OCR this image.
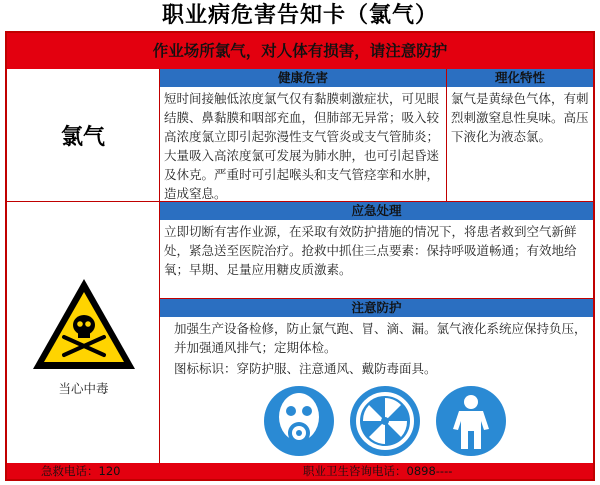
职业病危害告知卡（氯气）
作业场所氯气，对人体有损害，请注意防护
氯气
健康危害
短时间接触低浓度氯气仅有黏膜刺激症状，可见眼结膜、鼻黏膜和咽部充血，但肺部无异常；吸入较高浓度氯立即引起弥漫性支气管炎或支气管肺炎；大量吸入高浓度氯可发展为肺水肿，也可引起昏迷及休克。严重时可引起喉头和支气管痉挛和水肿，造成窒息。
理化特性
氯气是黄绿色气体，有刺烈刺激窒息性臭味。高压下液化为液态氯。
当心中毒
应急处理
立即切断有害作业源，在采取有效防护措施的情况下，将患者救到空气新鲜处，紧急送至医院治疗。抢救中抓住三点要素：保持呼吸道畅通；有效地给氧；早期、足量应用糖皮质激素。
注意防护
加强生产设备检修，防止氯气跑、冒、滴、漏。氯气液化系统应保持负压，并加强通风排气；定期体检。
图标标识：穿防护服、注意通风、戴防毒面具。
急救电话：120	职业卫生咨询电话：0898----
